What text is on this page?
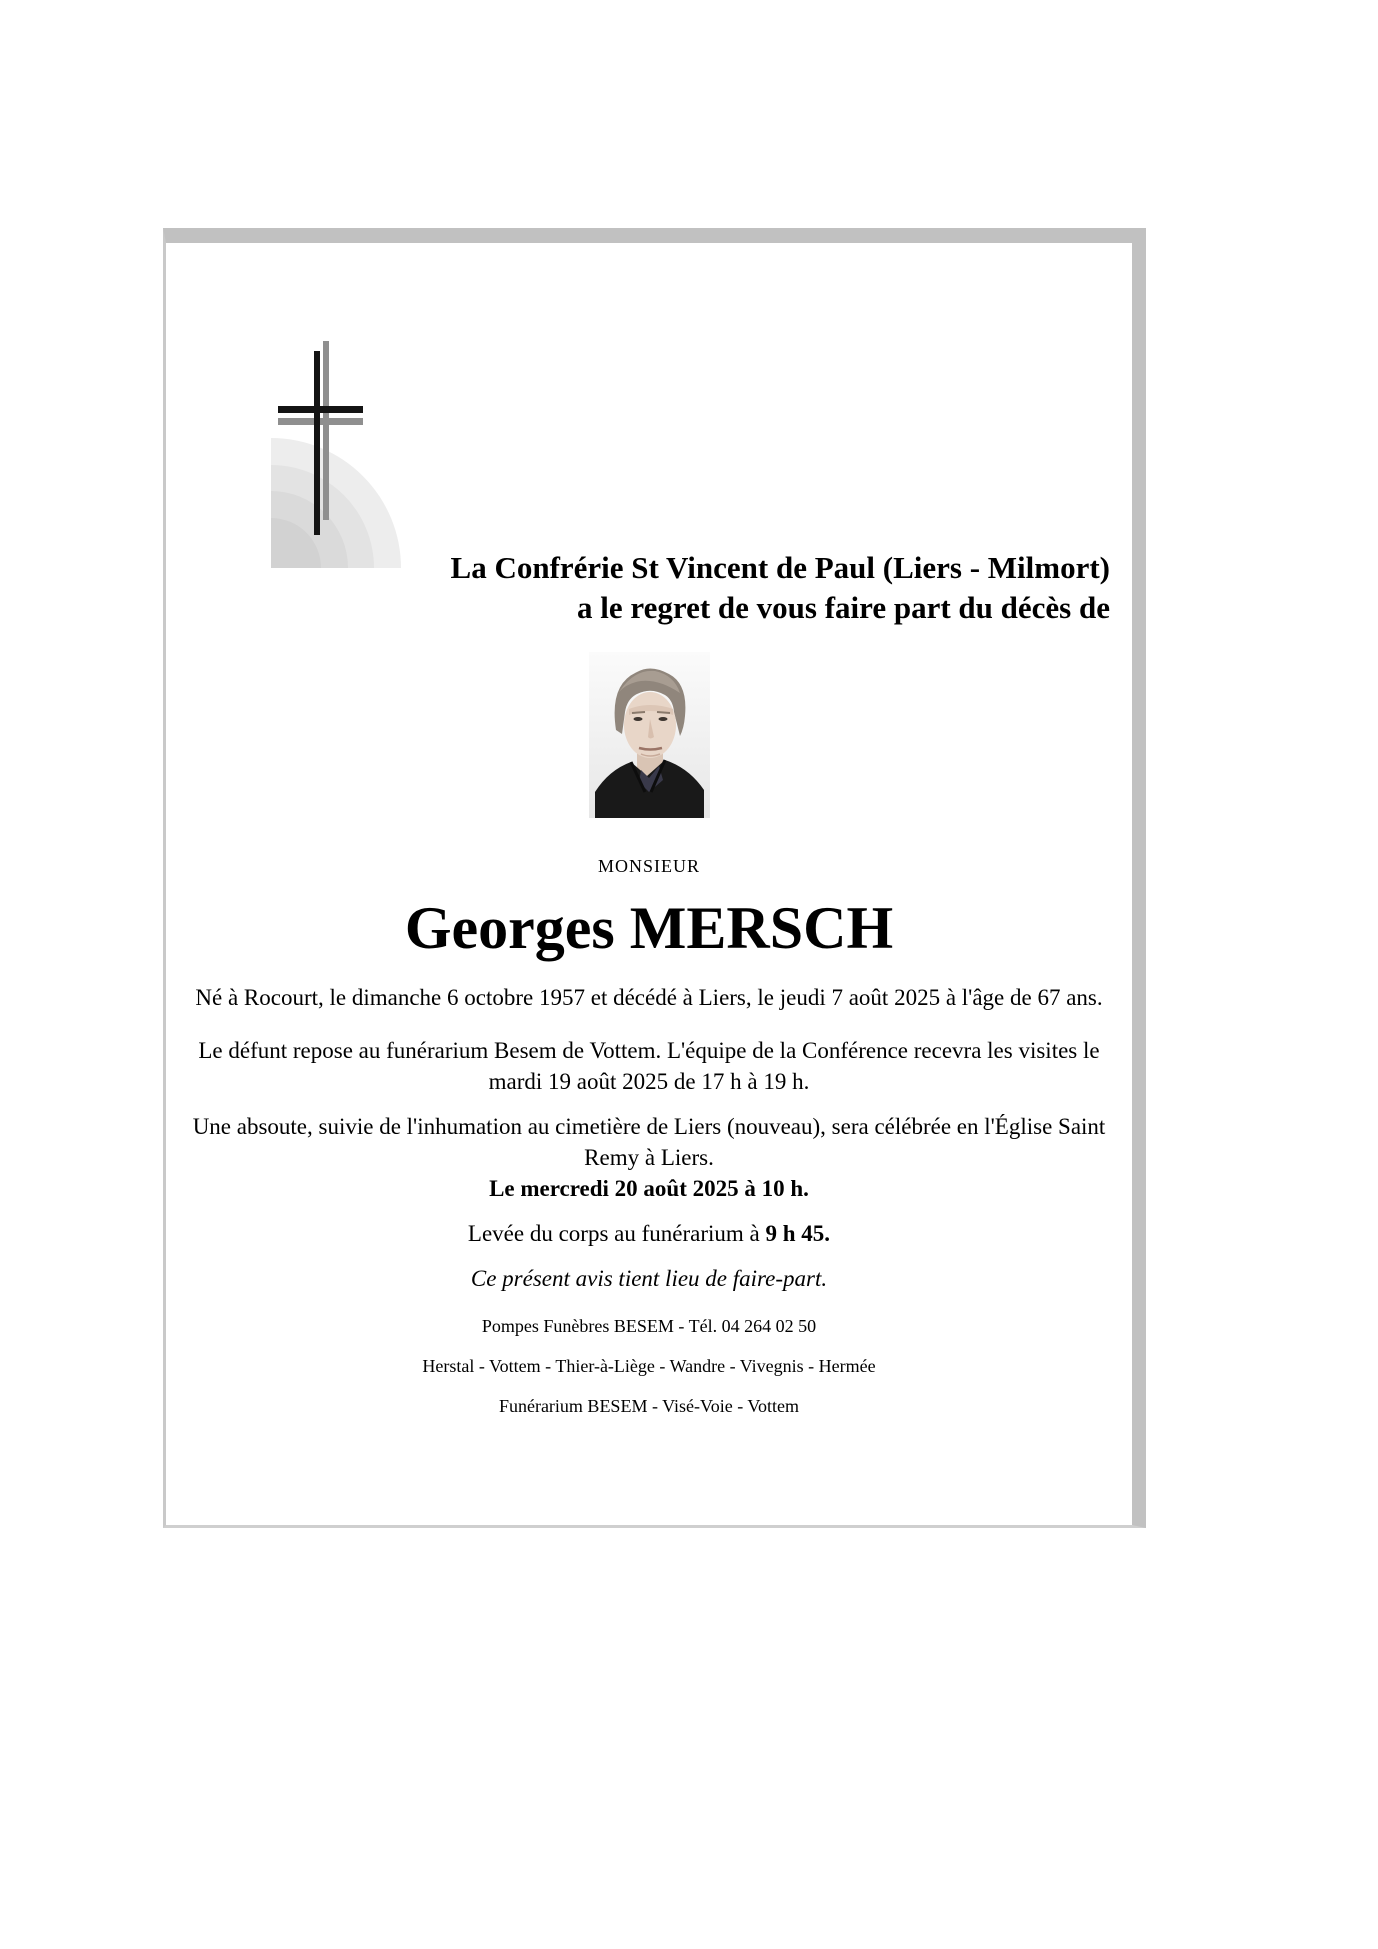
La Confrérie St Vincent de Paul (Liers - Milmort)
a le regret de vous faire part du décès de
MONSIEUR
Georges MERSCH
Né à Rocourt, le dimanche 6 octobre 1957 et décédé à Liers, le jeudi 7 août 2025 à l'âge de 67 ans.
Le défunt repose au funérarium Besem de Vottem. L'équipe de la Conférence recevra les visites le mardi 19 août 2025 de 17 h à 19 h.
Une absoute, suivie de l'inhumation au cimetière de Liers (nouveau), sera célébrée en l'Église Saint Remy à Liers.
Le mercredi 20 août 2025 à 10 h.
Levée du corps au funérarium à 9 h 45.
Ce présent avis tient lieu de faire-part.
Pompes Funèbres BESEM - Tél. 04 264 02 50
Herstal - Vottem - Thier-à-Liège - Wandre - Vivegnis - Hermée
Funérarium BESEM - Visé-Voie - Vottem
